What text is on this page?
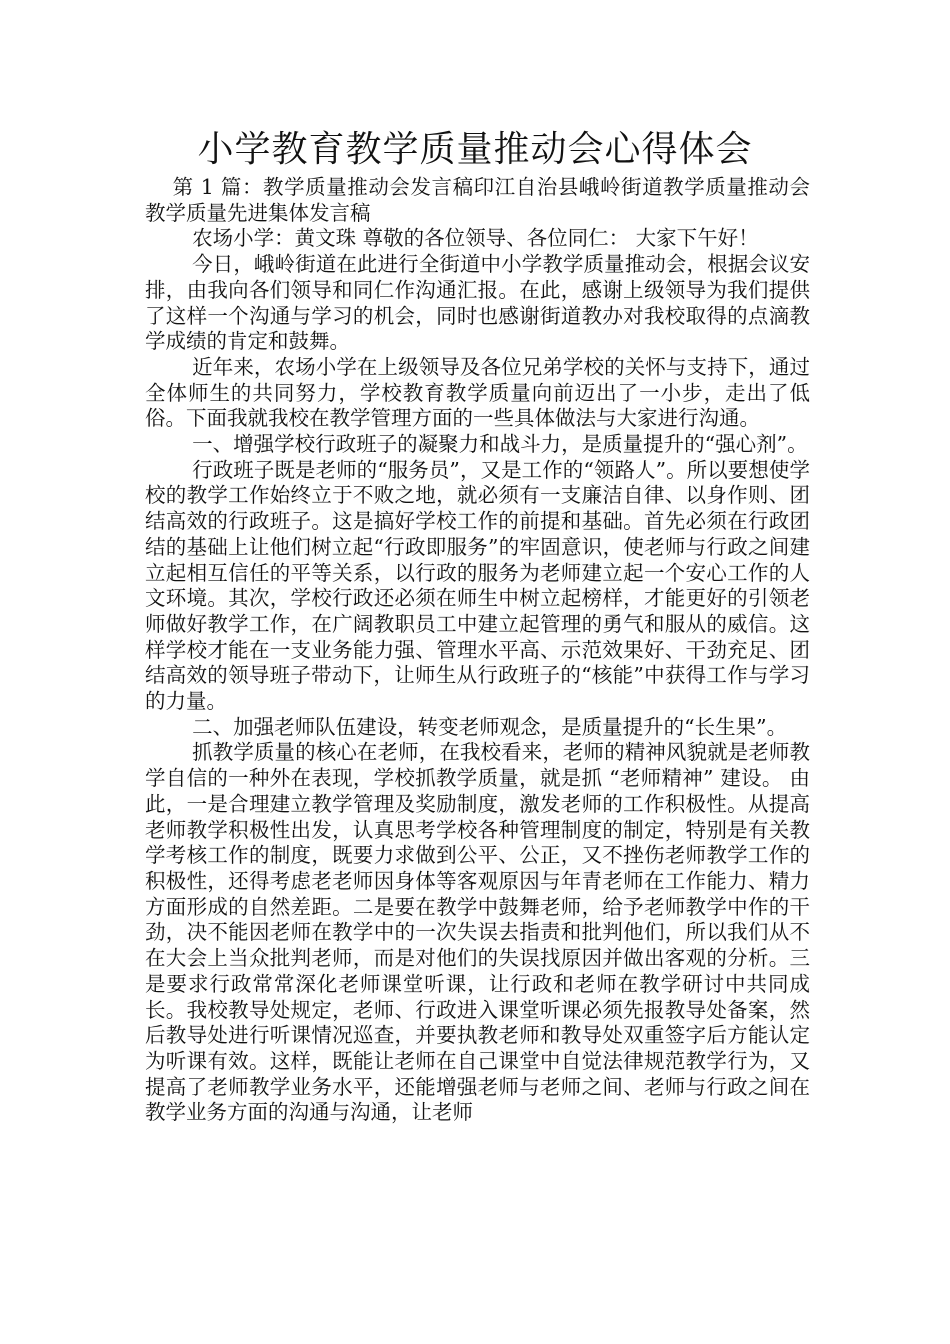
小学教育教学质量推动会心得体会

第 1 篇：教学质量推动会发言稿印江自治县峨岭街道教学质量推动会　教学质量先进集体发言稿

农场小学：黄文珠 尊敬的各位领导、各位同仁： 大家下午好！

今日，峨岭街道在此进行全街道中小学教学质量推动会，根据会议安排，由我向各们领导和同仁作沟通汇报。在此，感谢上级领导为我们提供了这样一个沟通与学习的机会，同时也感谢街道教办对我校取得的点滴教学成绩的肯定和鼓舞。

近年来，农场小学在上级领导及各位兄弟学校的关怀与支持下，通过全体师生的共同努力，学校教育教学质量向前迈出了一小步，走出了低俗。下面我就我校在教学管理方面的一些具体做法与大家进行沟通。

一、增强学校行政班子的凝聚力和战斗力，是质量提升的“强心剂”。

行政班子既是老师的“服务员”，又是工作的“领路人”。所以要想使学校的教学工作始终立于不败之地，就必须有一支廉洁自律、以身作则、团结高效的行政班子。这是搞好学校工作的前提和基础。首先必须在行政团结的基础上让他们树立起“行政即服务”的牢固意识，使老师与行政之间建立起相互信任的平等关系，以行政的服务为老师建立起一个安心工作的人文环境。其次，学校行政还必须在师生中树立起榜样，才能更好的引领老师做好教学工作，在广阔教职员工中建立起管理的勇气和服从的威信。这样学校才能在一支业务能力强、管理水平高、示范效果好、干劲充足、团结高效的领导班子带动下，让师生从行政班子的“核能”中获得工作与学习的力量。

二、加强老师队伍建设，转变老师观念，是质量提升的“长生果”。

抓教学质量的核心在老师，在我校看来，老师的精神风貌就是老师教学自信的一种外在表现，学校抓教学质量，就是抓 “老师精神” 建设。 由此，一是合理建立教学管理及奖励制度，激发老师的工作积极性。从提高老师教学积极性出发，认真思考学校各种管理制度的制定，特别是有关教学考核工作的制度，既要力求做到公平、公正，又不挫伤老师教学工作的积极性，还得考虑老老师因身体等客观原因与年青老师在工作能力、精力方面形成的自然差距。二是要在教学中鼓舞老师，给予老师教学中作的干劲，决不能因老师在教学中的一次失误去指责和批判他们，所以我们从不在大会上当众批判老师，而是对他们的失误找原因并做出客观的分析。三是要求行政常常深化老师课堂听课，让行政和老师在教学研讨中共同成长。我校教导处规定，老师、行政进入课堂听课必须先报教导处备案，然后教导处进行听课情况巡查，并要执教老师和教导处双重签字后方能认定为听课有效。这样，既能让老师在自己课堂中自觉法律规范教学行为，又提高了老师教学业务水平，还能增强老师与老师之间、老师与行政之间在教学业务方面的沟通与沟通，让老师
